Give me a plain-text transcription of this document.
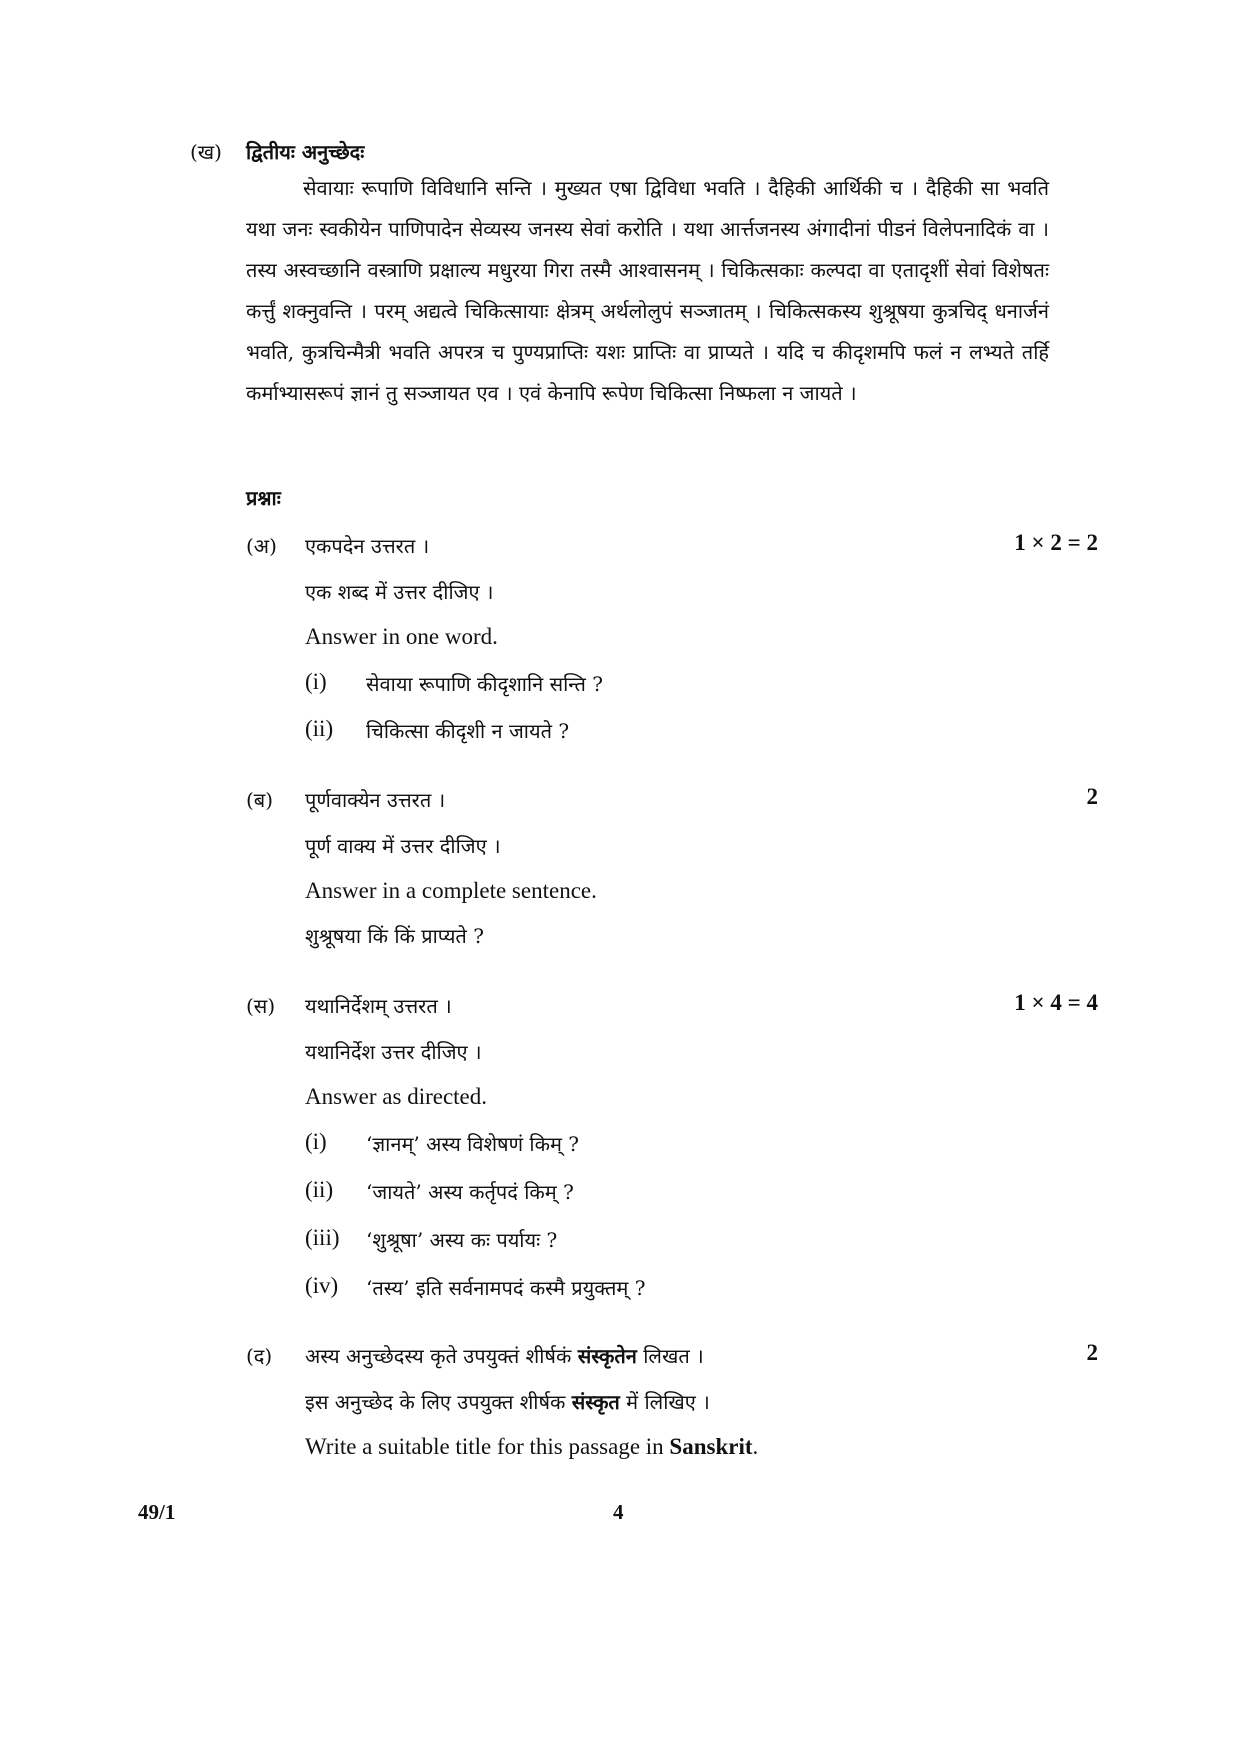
(ख) द्वितीयः अनुच्छेदः
सेवायाः रूपाणि विविधानि सन्ति । मुख्यत एषा द्विविधा भवति । दैहिकी आर्थिकी च । दैहिकी सा भवति यथा जनः स्वकीयेन पाणिपादेन सेव्यस्य जनस्य सेवां करोति । यथा आर्त्तजनस्य अंगादीनां पीडनं विलेपनादिकं वा । तस्य अस्वच्छानि वस्त्राणि प्रक्षाल्य मधुरया गिरा तस्मै आश्वासनम् । चिकित्सकाः कल्पदा वा एतादृशीं सेवां विशेषतः कर्त्तुं शक्नुवन्ति । परम् अद्यत्वे चिकित्सायाः क्षेत्रम् अर्थलोलुपं सञ्जातम् । चिकित्सकस्य शुश्रूषया कुत्रचिद् धनार्जनं भवति, कुत्रचिन्मैत्री भवति अपरत्र च पुण्यप्राप्तिः यशः प्राप्तिः वा प्राप्यते । यदि च कीदृशमपि फलं न लभ्यते तर्हि कर्माभ्यासरूपं ज्ञानं तु सञ्जायत एव । एवं केनापि रूपेण चिकित्सा निष्फला न जायते ।
प्रश्नाः
(अ) एकपदेन उत्तरत ।	1 × 2 = 2
एक शब्द में उत्तर दीजिए ।
Answer in one word.
(i) सेवाया रूपाणि कीदृशानि सन्ति ?
(ii) चिकित्सा कीदृशी न जायते ?
(ब) पूर्णवाक्येन उत्तरत ।	2
पूर्ण वाक्य में उत्तर दीजिए ।
Answer in a complete sentence.
शुश्रूषया किं किं प्राप्यते ?
(स) यथानिर्देशम् उत्तरत ।	1 × 4 = 4
यथानिर्देश उत्तर दीजिए ।
Answer as directed.
(i) ‘ज्ञानम्’ अस्य विशेषणं किम् ?
(ii) ‘जायते’ अस्य कर्तृपदं किम् ?
(iii) ‘शुश्रूषा’ अस्य कः पर्यायः ?
(iv) ‘तस्य’ इति सर्वनामपदं कस्मै प्रयुक्तम् ?
(द) अस्य अनुच्छेदस्य कृते उपयुक्तं शीर्षकं संस्कृतेन लिखत ।	2
इस अनुच्छेद के लिए उपयुक्त शीर्षक संस्कृत में लिखिए ।
Write a suitable title for this passage in Sanskrit.
49/1	4
